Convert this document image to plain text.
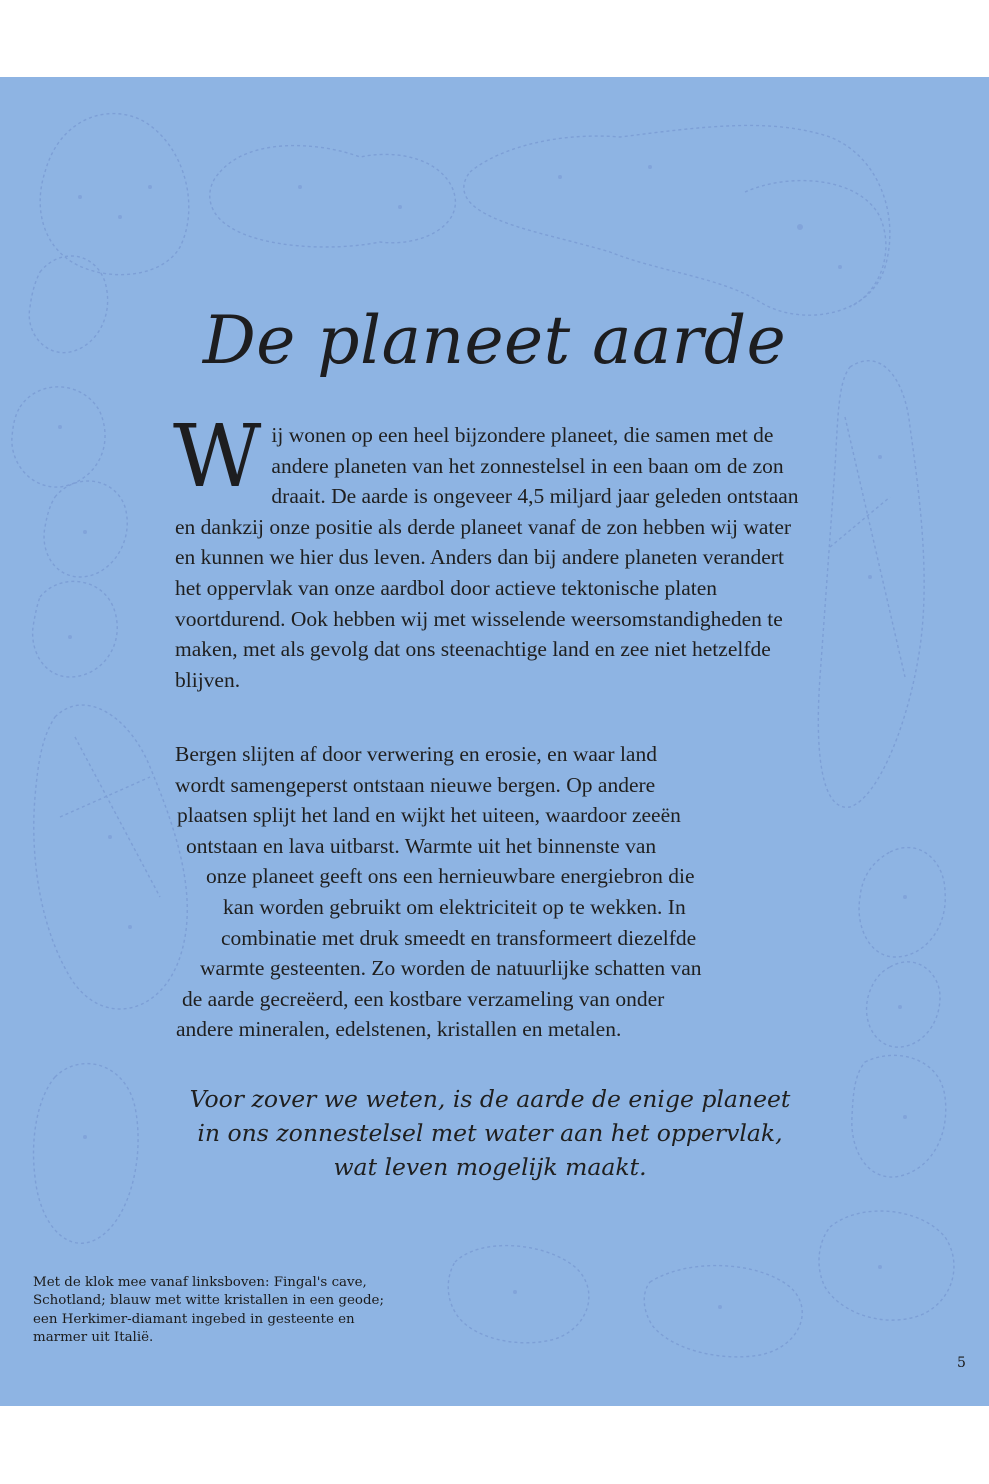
De planeet aarde
W ij wonen op een heel bijzondere planeet, die samen met de andere planeten van het zonnestelsel in een baan om de zon draait. De aarde is ongeveer 4,5 miljard jaar geleden ontstaan en dankzij onze positie als derde planeet vanaf de zon hebben wij water en kunnen we hier dus leven. Anders dan bij andere planeten verandert het oppervlak van onze aardbol door actieve tektonische platen voortdurend. Ook hebben wij met wisselende weersomstandigheden te maken, met als gevolg dat ons steenachtige land en zee niet hetzelfde blijven.
Bergen slijten af door verwering en erosie, en waar land
wordt samengeperst ontstaan nieuwe bergen. Op andere
plaatsen splijt het land en wijkt het uiteen, waardoor zeeën
ontstaan en lava uitbarst. Warmte uit het binnenste van
onze planeet geeft ons een hernieuwbare energiebron die
kan worden gebruikt om elektriciteit op te wekken. In
combinatie met druk smeedt en transformeert diezelfde
warmte gesteenten. Zo worden de natuurlijke schatten van
de aarde gecreëerd, een kostbare verzameling van onder
andere mineralen, edelstenen, kristallen en metalen.
Voor zover we weten, is de aarde de enige planeet
in ons zonnestelsel met water aan het oppervlak,
wat leven mogelijk maakt.
Met de klok mee vanaf linksboven: Fingal's cave,
Schotland; blauw met witte kristallen in een geode;
een Herkimer-diamant ingebed in gesteente en
marmer uit Italië.
5
